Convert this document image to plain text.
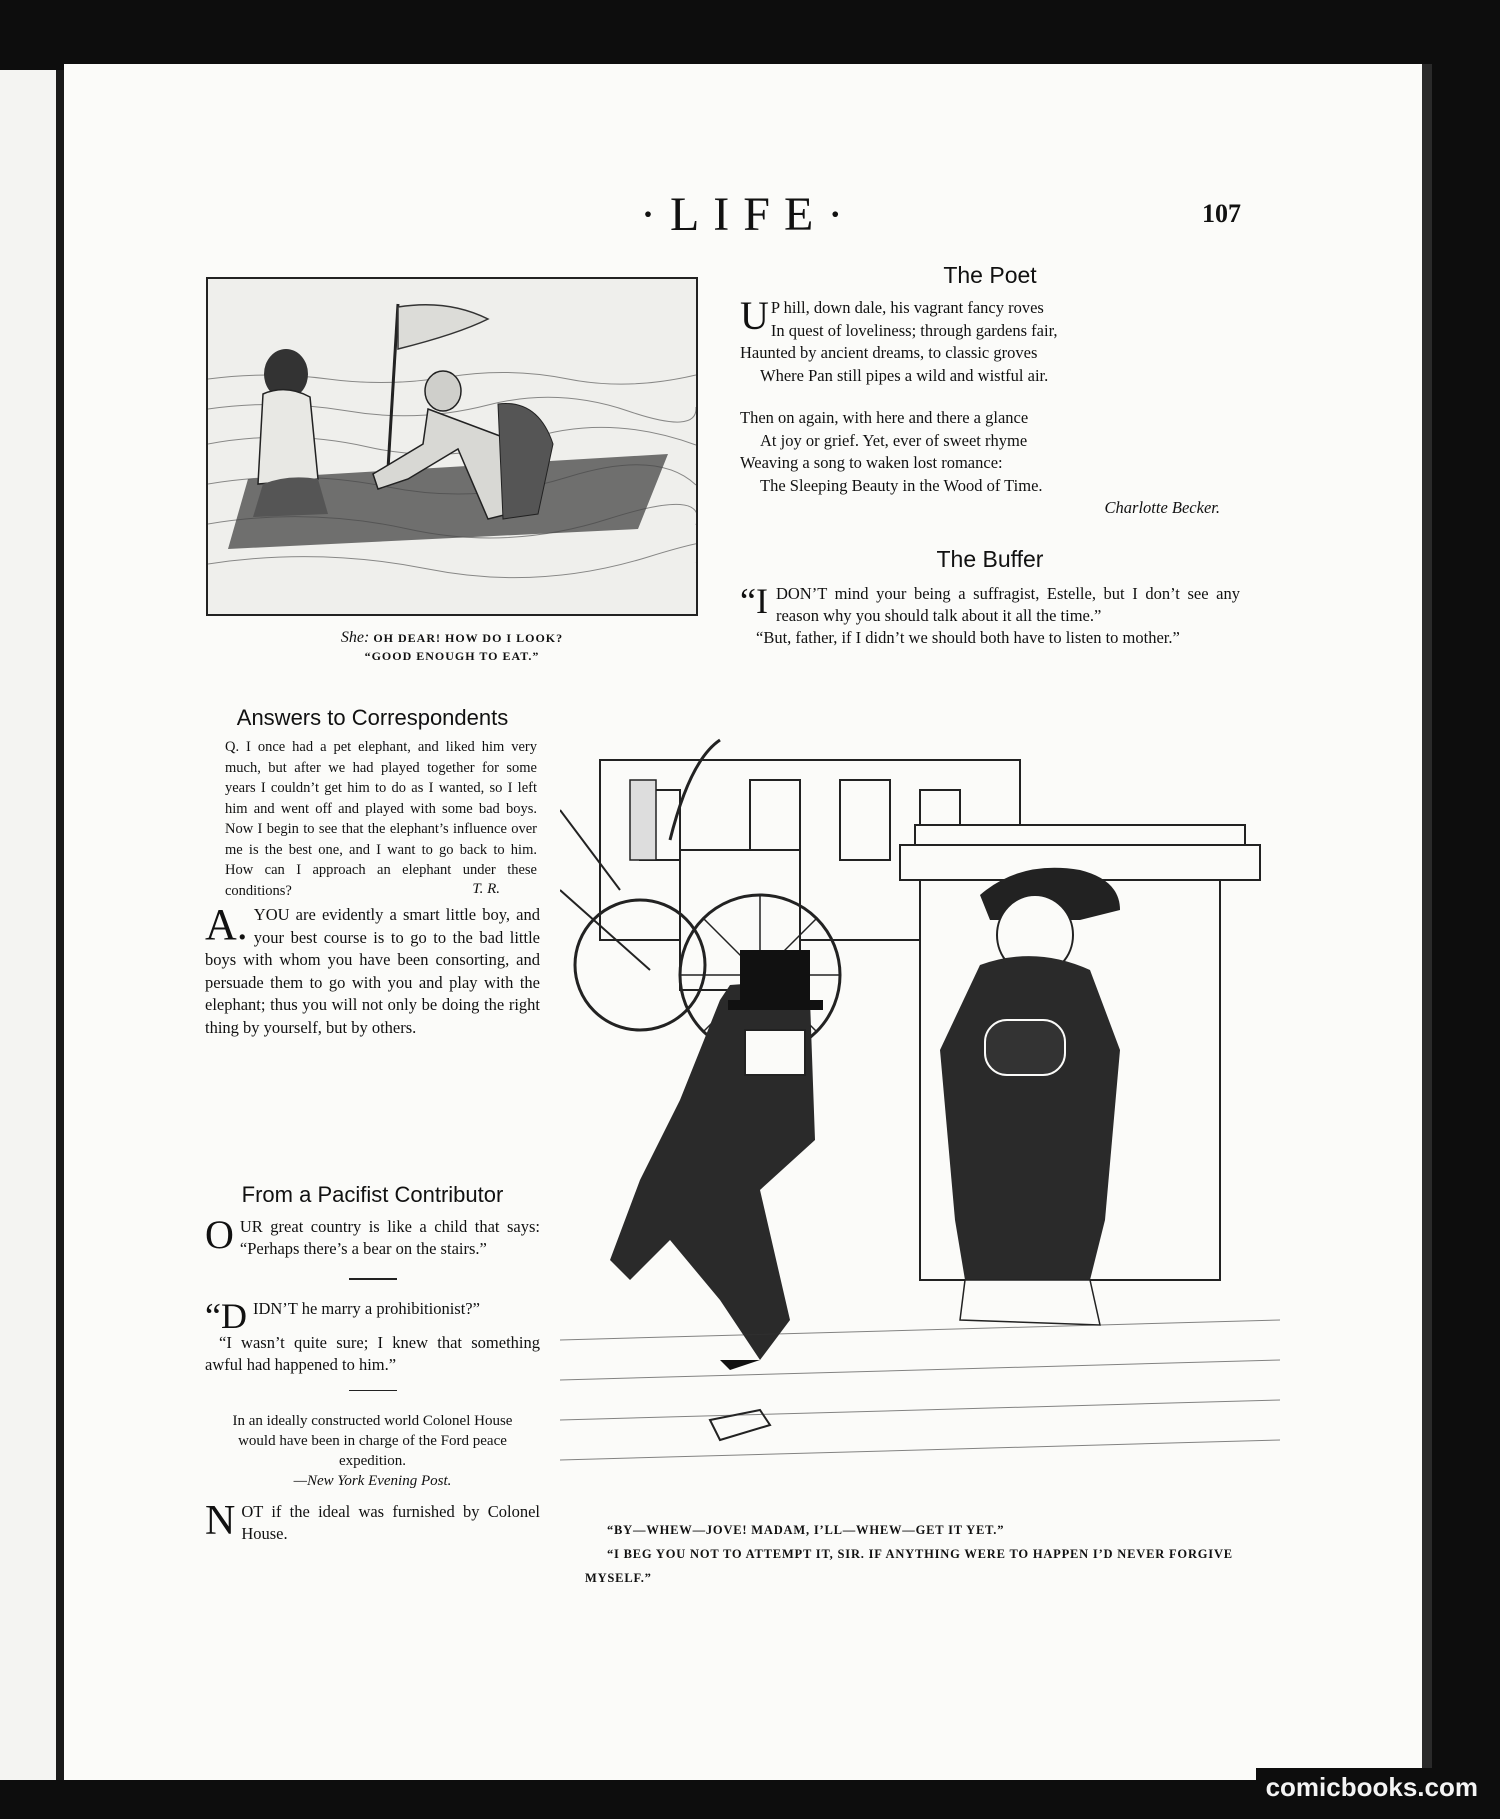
·LIFE·	107
She: OH DEAR! HOW DO I LOOK?
“GOOD ENOUGH TO EAT.”
The Poet
U P hill, down dale, his vagrant fancy roves
In quest of loveliness; through gardens fair,
Haunted by ancient dreams, to classic groves
Where Pan still pipes a wild and wistful air.
Then on again, with here and there a glance
At joy or grief. Yet, ever of sweet rhyme
Weaving a song to waken lost romance:
The Sleeping Beauty in the Wood of Time.
Charlotte Becker.
The Buffer
“IDON’T mind your being a suffragist, Estelle, but I don’t see any reason why you should talk about it all the time.”
“But, father, if I didn’t we should both have to listen to mother.”
Answers to Correspondents
Q. I once had a pet elephant, and liked him very much, but after we had played together for some years I couldn’t get him to do as I wanted, so I left him and went off and played with some bad boys. Now I begin to see that the elephant’s influence over me is the best one, and I want to go back to him. How can I approach an elephant under these conditions?	T. R.
A. YOU are evidently a smart little boy, and your best course is to go to the bad little boys with whom you have been consorting, and persuade them to go with you and play with the elephant; thus you will not only be doing the right thing by yourself, but by others.
From a Pacifist Contributor
OUR great country is like a child that says: “Perhaps there’s a bear on the stairs.”
“DIDN’T he marry a prohibitionist?”
“I wasn’t quite sure; I knew that something awful had happened to him.”
In an ideally constructed world Colonel House would have been in charge of the Ford peace expedition.
—New York Evening Post.
NOT if the ideal was furnished by Colonel House.	“BY—WHEW—JOVE! MADAM, I’LL—WHEW—GET IT YET.”
“I BEG YOU NOT TO ATTEMPT IT, SIR. IF ANYTHING WERE TO HAPPEN I’D NEVER FORGIVE MYSELF.”
comicbooks.com
